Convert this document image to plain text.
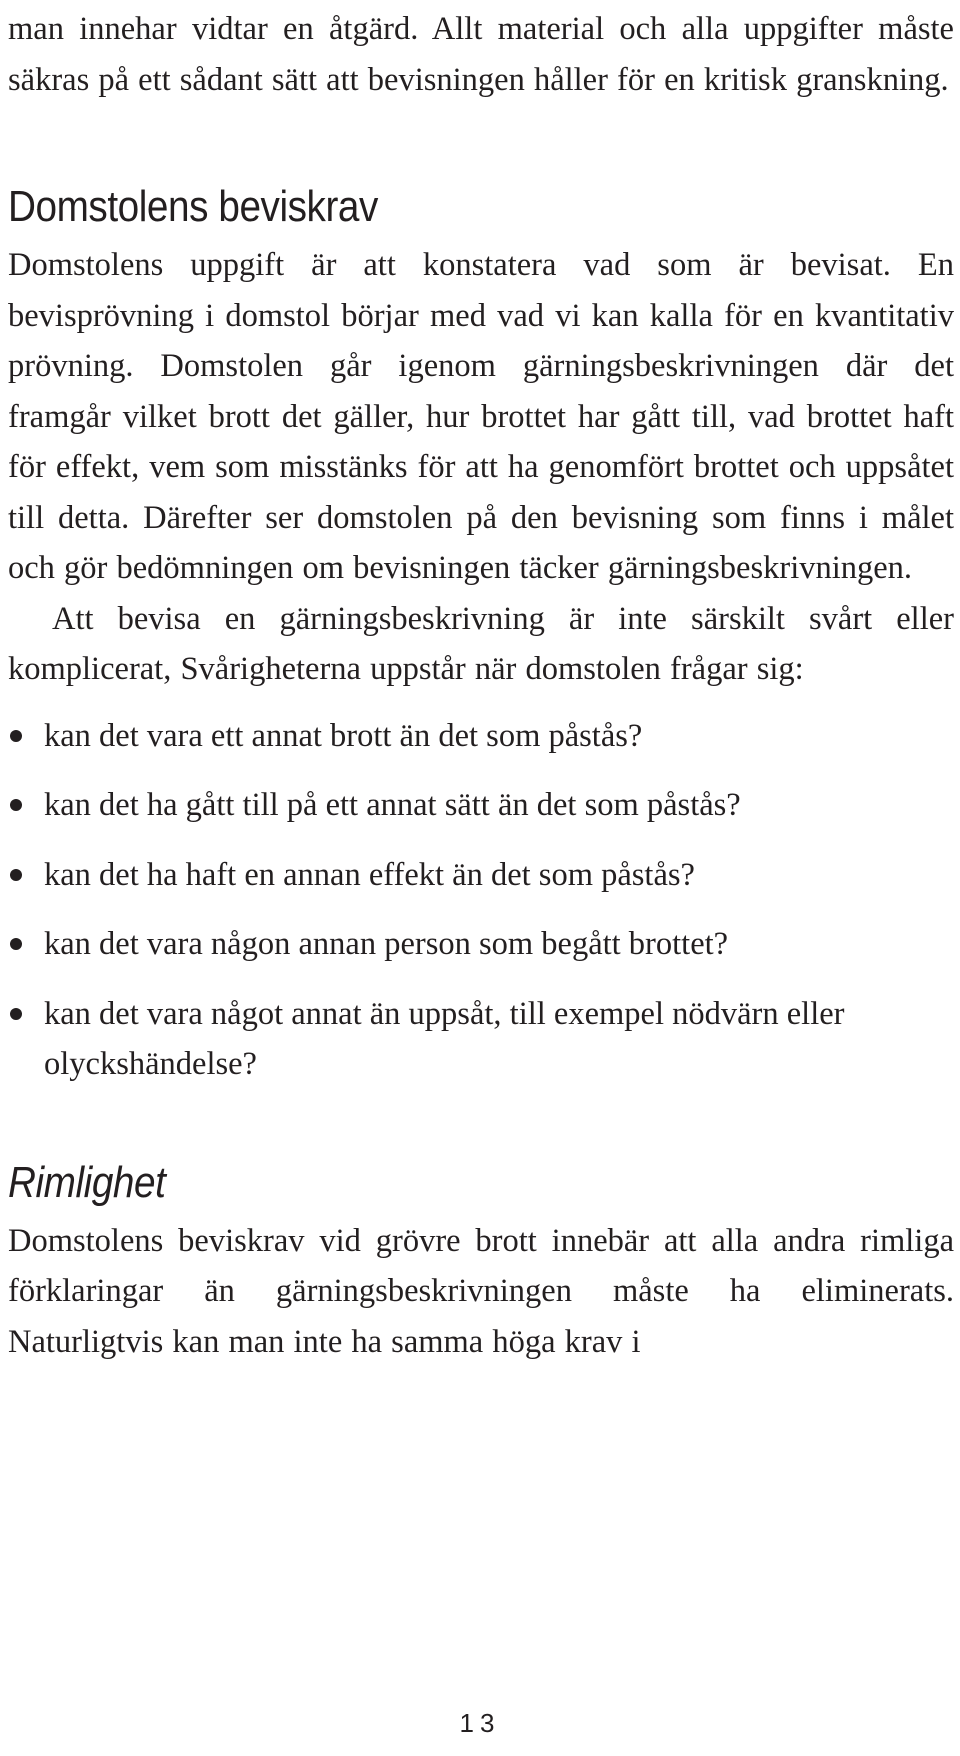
man innehar vidtar en åtgärd. Allt material och alla uppgifter måste säkras på ett sådant sätt att bevisningen håller för en kritisk granskning.

Domstolens beviskrav

Domstolens uppgift är att konstatera vad som är bevisat. En bevisprövning i domstol börjar med vad vi kan kalla för en kvantitativ prövning. Domstolen går igenom gärningsbeskrivningen där det framgår vilket brott det gäller, hur brottet har gått till, vad brottet haft för effekt, vem som misstänks för att ha genomfört brottet och uppsåtet till detta. Därefter ser domstolen på den bevisning som finns i målet och gör bedömningen om bevisningen täcker gärningsbeskrivningen.

Att bevisa en gärningsbeskrivning är inte särskilt svårt eller komplicerat, Svårigheterna uppstår när domstolen frågar sig:

kan det vara ett annat brott än det som påstås?
kan det ha gått till på ett annat sätt än det som påstås?
kan det ha haft en annan effekt än det som påstås?
kan det vara någon annan person som begått brottet?
kan det vara något annat än uppsåt, till exempel nödvärn eller olyckshändelse?
Rimlighet

Domstolens beviskrav vid grövre brott innebär att alla andra rimliga förklaringar än gärningsbeskrivningen måste ha eliminerats. Naturligtvis kan man inte ha samma höga krav i

13
